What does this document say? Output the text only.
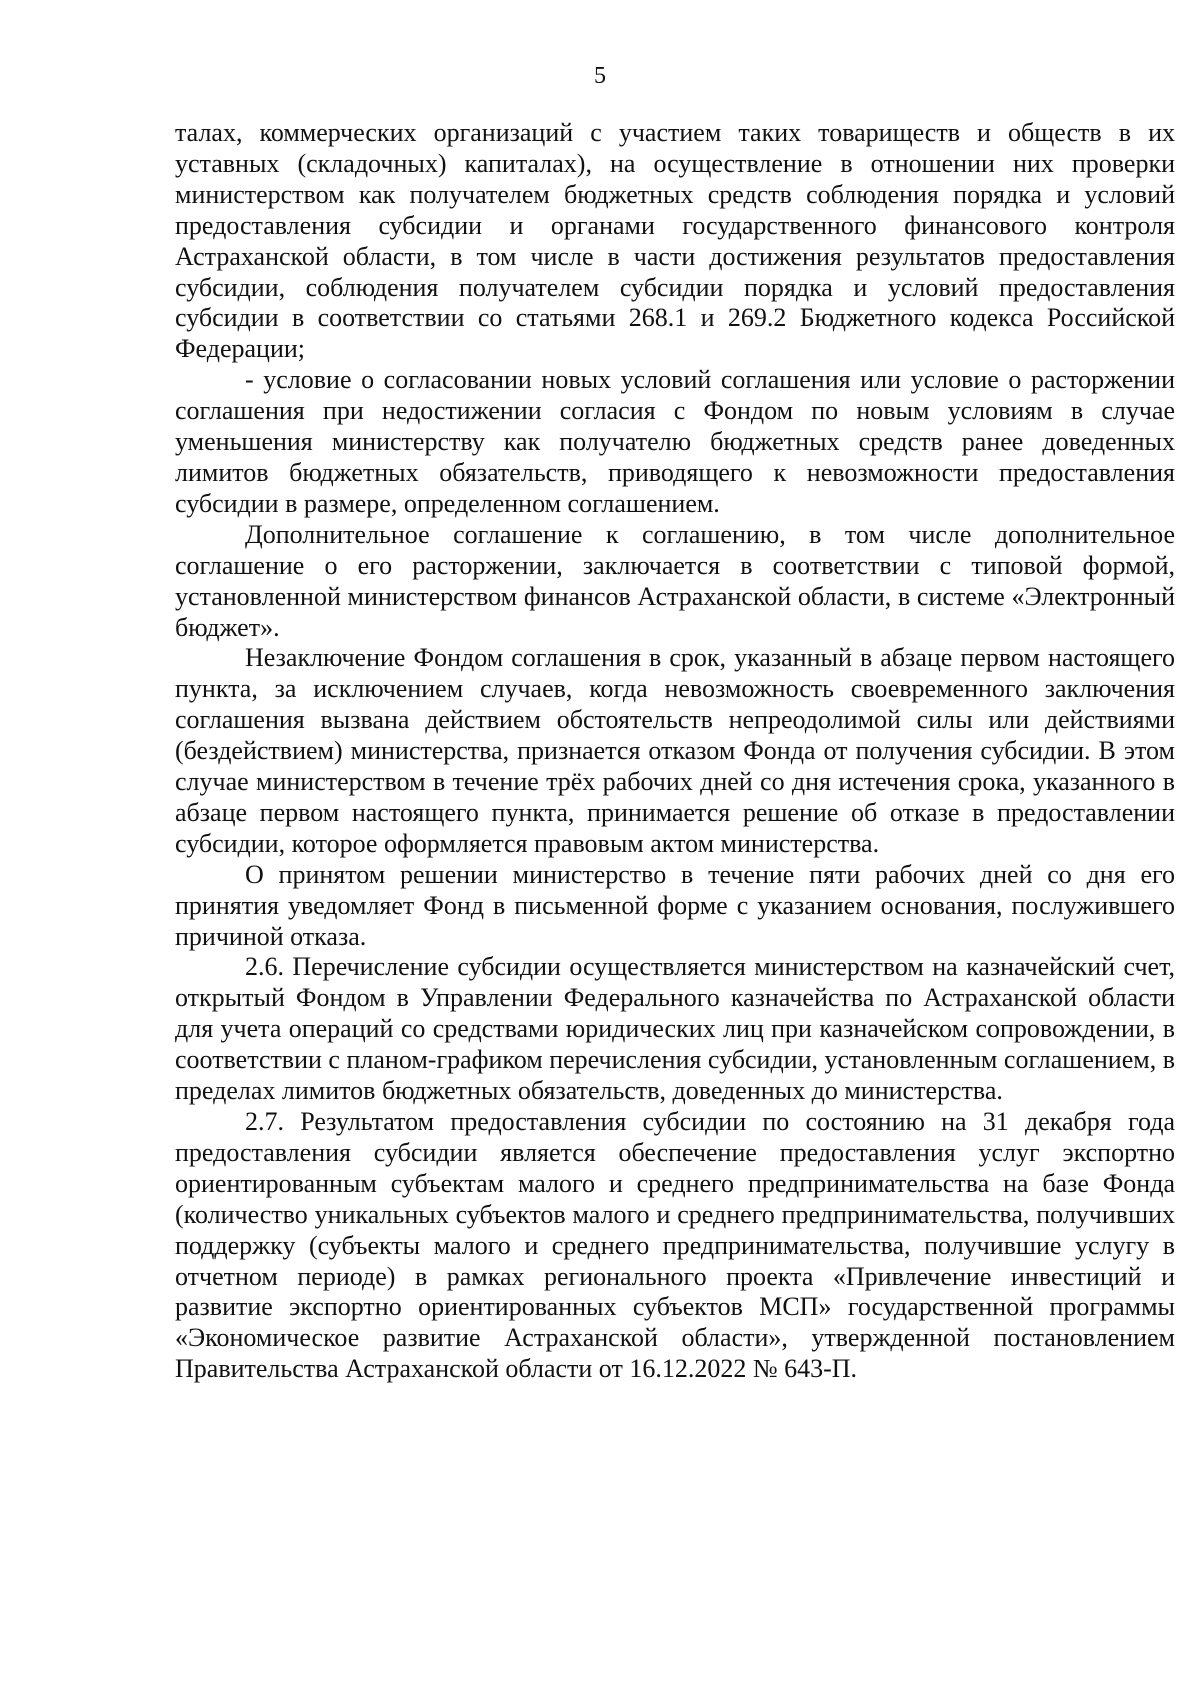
5

талах, коммерческих организаций с участием таких товариществ и обществ в их уставных (складочных) капиталах), на осуществление в отношении них проверки министерством как получателем бюджетных средств соблюдения порядка и условий предоставления субсидии и органами государственного финансового контроля Астраханской области, в том числе в части достижения результатов предоставления субсидии, соблюдения получателем субсидии порядка и условий предоставления субсидии в соответствии со статьями 268.1 и 269.2 Бюджетного кодекса Российской Федерации;

- условие о согласовании новых условий соглашения или условие о расторжении соглашения при недостижении согласия с Фондом по новым условиям в случае уменьшения министерству как получателю бюджетных средств ранее доведенных лимитов бюджетных обязательств, приводящего к невозможности предоставления субсидии в размере, определенном соглашением.

Дополнительное соглашение к соглашению, в том числе дополнительное соглашение о его расторжении, заключается в соответствии с типовой формой, установленной министерством финансов Астраханской области, в системе «Электронный бюджет».

Незаключение Фондом соглашения в срок, указанный в абзаце первом настоящего пункта, за исключением случаев, когда невозможность своевременного заключения соглашения вызвана действием обстоятельств непреодолимой силы или действиями (бездействием) министерства, признается отказом Фонда от получения субсидии. В этом случае министерством в течение трёх рабочих дней со дня истечения срока, указанного в абзаце первом настоящего пункта, принимается решение об отказе в предоставлении субсидии, которое оформляется правовым актом министерства.

О принятом решении министерство в течение пяти рабочих дней со дня его принятия уведомляет Фонд в письменной форме с указанием основания, послужившего причиной отказа.

2.6. Перечисление субсидии осуществляется министерством на казначейский счет, открытый Фондом в Управлении Федерального казначейства по Астраханской области для учета операций со средствами юридических лиц при казначейском сопровождении, в соответствии с планом-графиком перечисления субсидии, установленным соглашением, в пределах лимитов бюджетных обязательств, доведенных до министерства.

2.7. Результатом предоставления субсидии по состоянию на 31 декабря года предоставления субсидии является обеспечение предоставления услуг экспортно ориентированным субъектам малого и среднего предпринимательства на базе Фонда (количество уникальных субъектов малого и среднего предпринимательства, получивших поддержку (субъекты малого и среднего предпринимательства, получившие услугу в отчетном периоде) в рамках регионального проекта «Привлечение инвестиций и развитие экспортно ориентированных субъектов МСП» государственной программы «Экономическое развитие Астраханской области», утвержденной постановлением Правительства Астраханской области от 16.12.2022 № 643-П.
